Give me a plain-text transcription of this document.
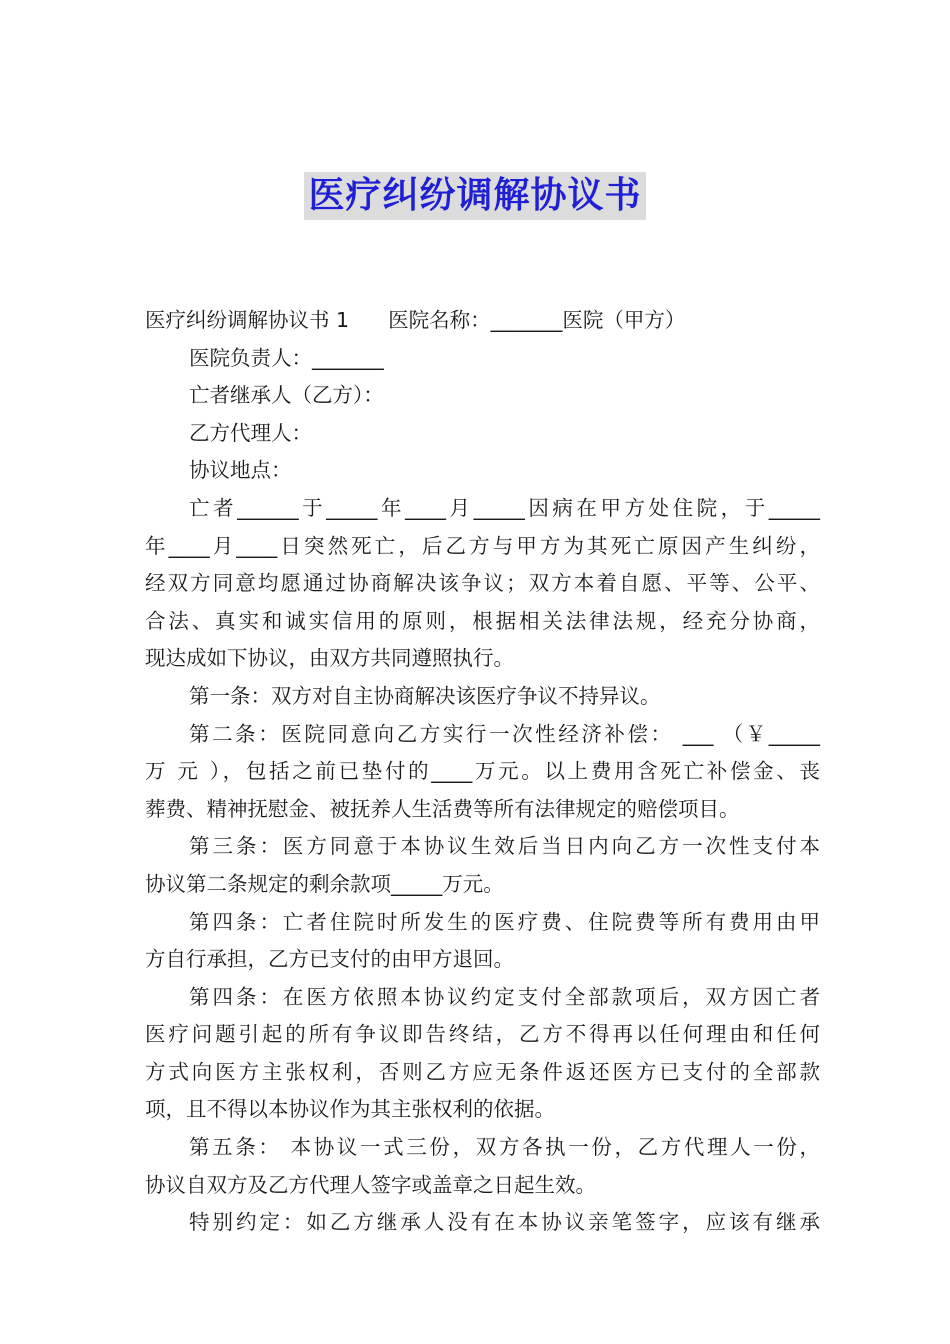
医疗纠纷调解协议书
医疗纠纷调解协议书 1      医院名称：_______医院（甲方）
医院负责人：_______
亡者继承人（乙方）：
乙方代理人：
协议地点：
亡者______于_____年____月_____因病在甲方处住院，于_____
年____月____日突然死亡，后乙方与甲方为其死亡原因产生纠纷，
经双方同意均愿通过协商解决该争议；双方本着自愿、平等、公平、
合法、真实和诚实信用的原则，根据相关法律法规，经充分协商，
现达成如下协议，由双方共同遵照执行。
第一条：双方对自主协商解决该医疗争议不持异议。
第二条：医院同意向乙方实行一次性经济补偿： ___ （￥_____
万 元 ），包括之前已垫付的____万元。以上费用含死亡补偿金、丧
葬费、精神抚慰金、被抚养人生活费等所有法律规定的赔偿项目。
第三条：医方同意于本协议生效后当日内向乙方一次性支付本
协议第二条规定的剩余款项_____万元。
第四条：亡者住院时所发生的医疗费、住院费等所有费用由甲
方自行承担，乙方已支付的由甲方退回。
第四条：在医方依照本协议约定支付全部款项后，双方因亡者
医疗问题引起的所有争议即告终结，乙方不得再以任何理由和任何
方式向医方主张权利，否则乙方应无条件返还医方已支付的全部款
项，且不得以本协议作为其主张权利的依据。
第五条： 本协议一式三份，双方各执一份，乙方代理人一份，
协议自双方及乙方代理人签字或盖章之日起生效。
特别约定：如乙方继承人没有在本协议亲笔签字，应该有继承
